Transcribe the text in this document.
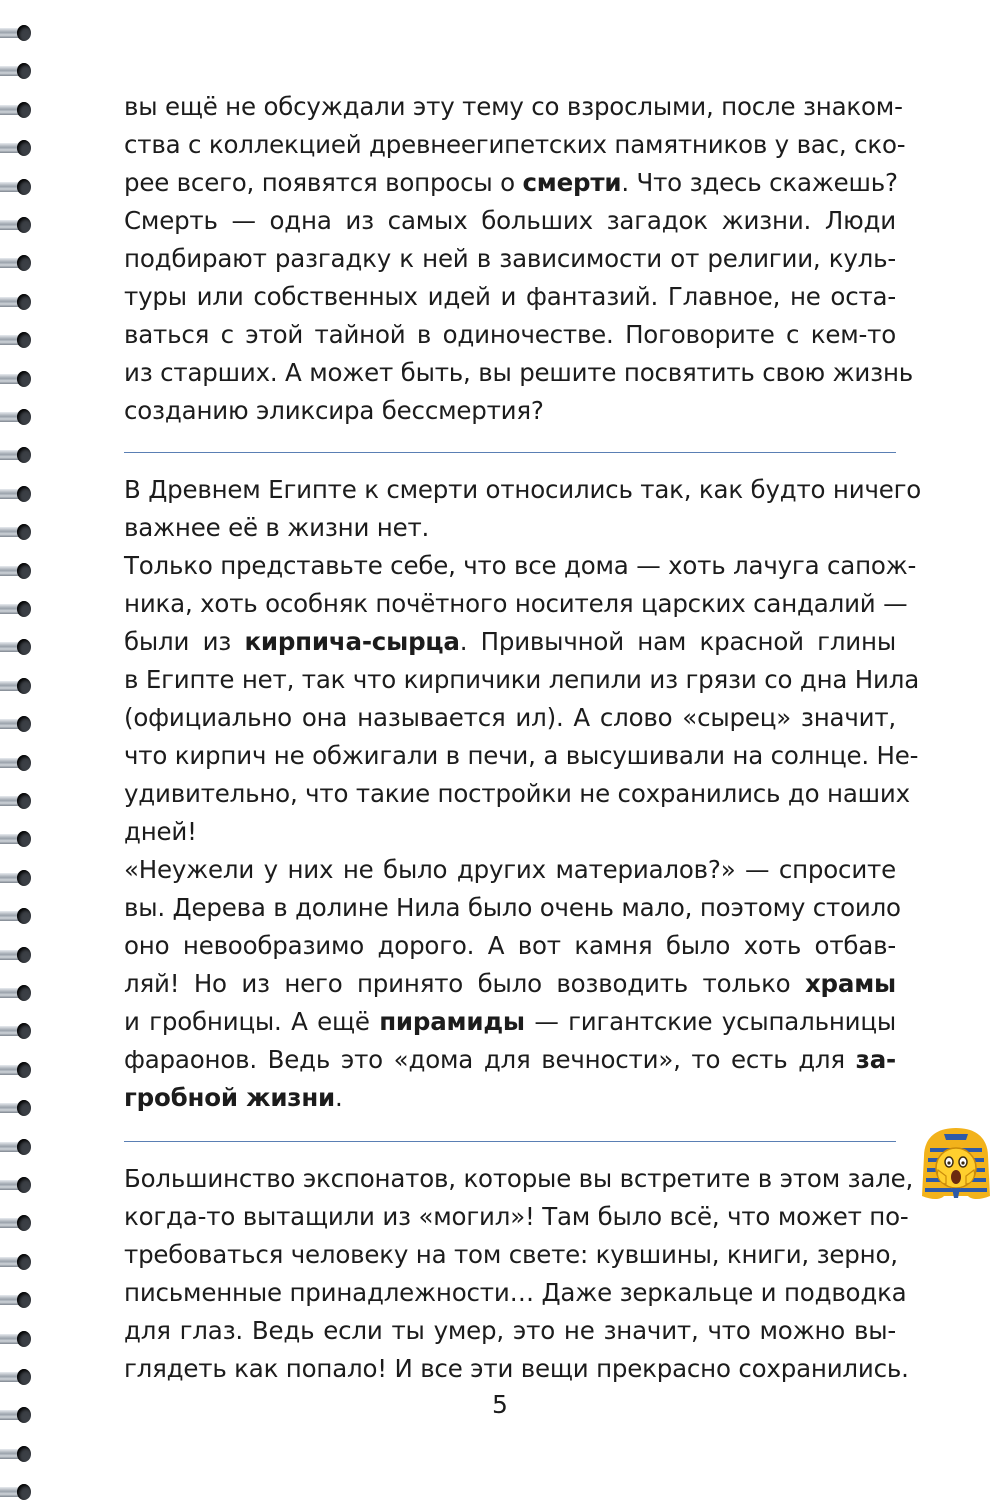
вы ещё не обсуждали эту тему со взрослыми, после знаком-
ства с коллекцией древнеегипетских памятников у вас, ско-
рее всего, появятся вопросы о смерти. Что здесь скажешь?
Смерть — одна из самых больших загадок жизни. Люди
подбирают разгадку к ней в зависимости от религии, куль-
туры или собственных идей и фантазий. Главное, не оста-
ваться с этой тайной в одиночестве. Поговорите с кем-то
из старших. А может быть, вы решите посвятить свою жизнь
созданию эликсира бессмертия?
В Древнем Египте к смерти относились так, как будто ничего
важнее её в жизни нет.
Только представьте себе, что все дома — хоть лачуга сапож-
ника, хоть особняк почётного носителя царских сандалий —
были из кирпича-сырца. Привычной нам красной глины
в Египте нет, так что кирпичики лепили из грязи со дна Нила
(официально она называется ил). А слово «сырец» значит,
что кирпич не обжигали в печи, а высушивали на солнце. Не-
удивительно, что такие постройки не сохранились до наших
дней!
«Неужели у них не было других материалов?» — спросите
вы. Дерева в долине Нила было очень мало, поэтому стоило
оно невообразимо дорого. А вот камня было хоть отбав-
ляй! Но из него принято было возводить только храмы
и гробницы. А ещё пирамиды — гигантские усыпальницы
фараонов. Ведь это «дома для вечности», то есть для за-
гробной жизни.
Большинство экспонатов, которые вы встретите в этом зале,
когда-то вытащили из «могил»! Там было всё, что может по-
требоваться человеку на том свете: кувшины, книги, зерно,
письменные принадлежности… Даже зеркальце и подводка
для глаз. Ведь если ты умер, это не значит, что можно вы-
глядеть как попало! И все эти вещи прекрасно сохранились.
5
